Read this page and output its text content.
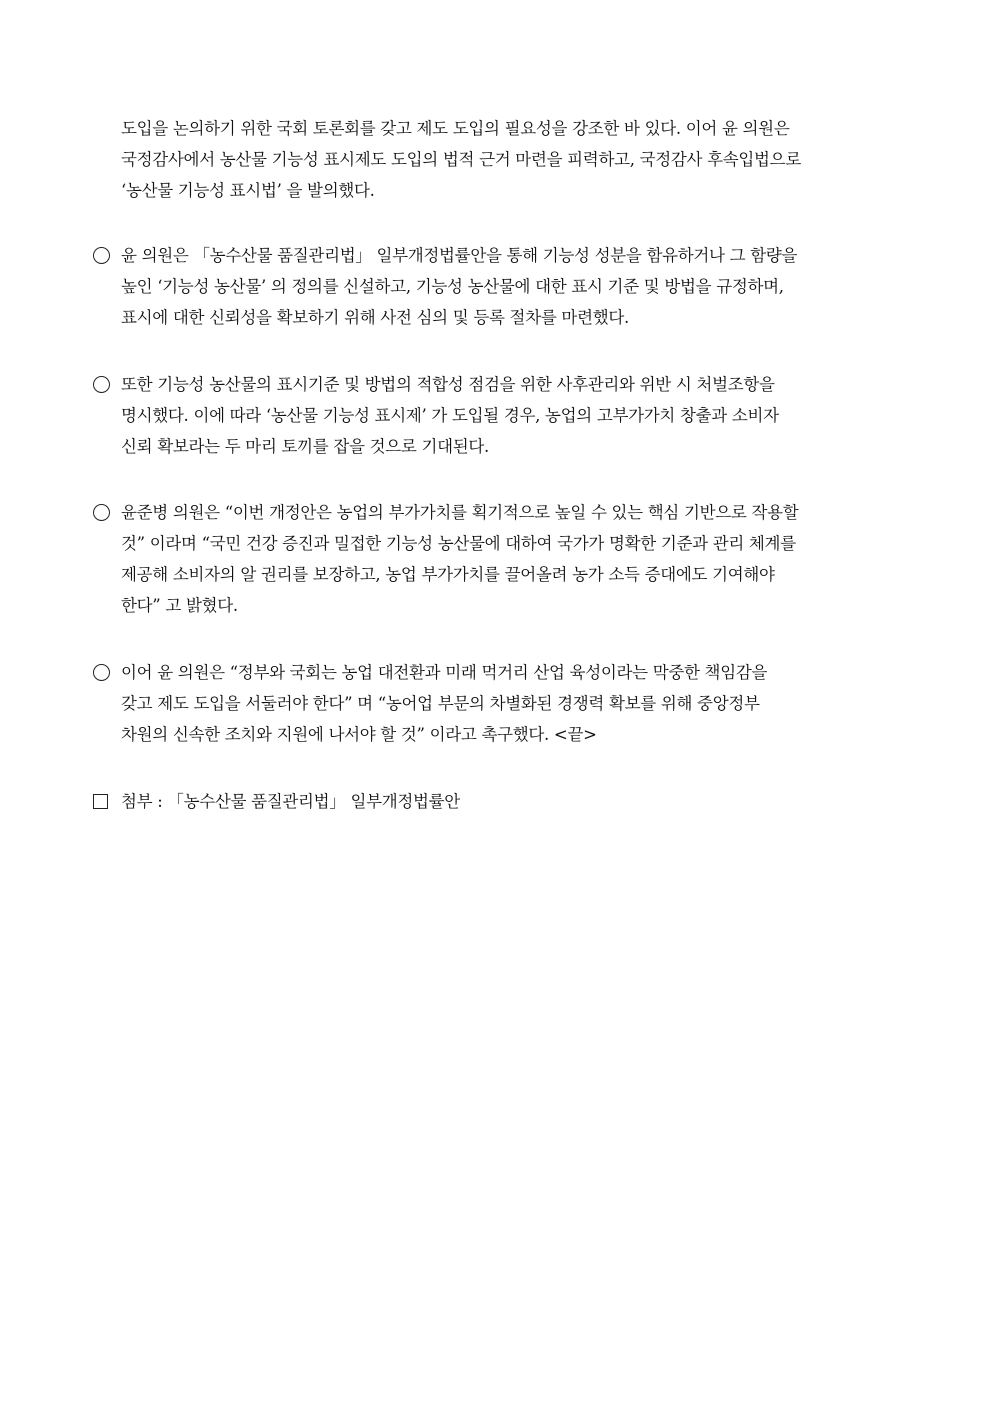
도입을 논의하기 위한 국회 토론회를 갖고 제도 도입의 필요성을 강조한 바 있다. 이어 윤 의원은
국정감사에서 농산물 기능성 표시제도 도입의 법적 근거 마련을 피력하고, 국정감사 후속입법으로
‘농산물 기능성 표시법’ 을 발의했다.
윤 의원은 「농수산물 품질관리법」 일부개정법률안을 통해 기능성 성분을 함유하거나 그 함량을
높인 ‘기능성 농산물’ 의 정의를 신설하고, 기능성 농산물에 대한 표시 기준 및 방법을 규정하며,
표시에 대한 신뢰성을 확보하기 위해 사전 심의 및 등록 절차를 마련했다.
또한 기능성 농산물의 표시기준 및 방법의 적합성 점검을 위한 사후관리와 위반 시 처벌조항을
명시했다. 이에 따라 ‘농산물 기능성 표시제’ 가 도입될 경우, 농업의 고부가가치 창출과 소비자
신뢰 확보라는 두 마리 토끼를 잡을 것으로 기대된다.
윤준병 의원은 “이번 개정안은 농업의 부가가치를 획기적으로 높일 수 있는 핵심 기반으로 작용할
것” 이라며 “국민 건강 증진과 밀접한 기능성 농산물에 대하여 국가가 명확한 기준과 관리 체계를
제공해 소비자의 알 권리를 보장하고, 농업 부가가치를 끌어올려 농가 소득 증대에도 기여해야
한다” 고 밝혔다.
이어 윤 의원은 “정부와 국회는 농업 대전환과 미래 먹거리 산업 육성이라는 막중한 책임감을
갖고 제도 도입을 서둘러야 한다” 며 “농어업 부문의 차별화된 경쟁력 확보를 위해 중앙정부
차원의 신속한 조치와 지원에 나서야 할 것” 이라고 촉구했다. <끝>
첨부 : 「농수산물 품질관리법」 일부개정법률안
